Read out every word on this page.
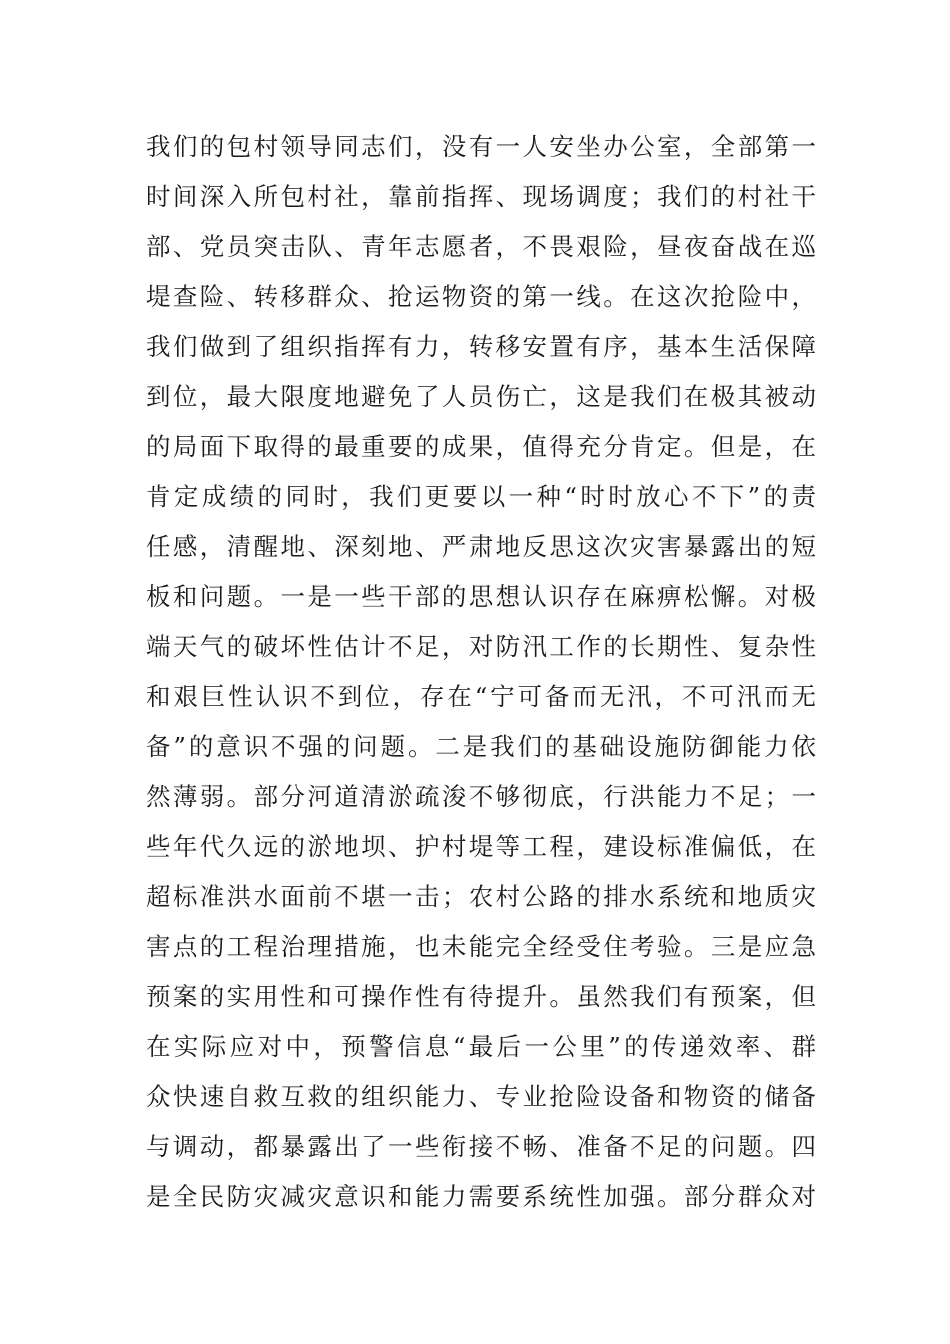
我们的包村领导同志们，没有一人安坐办公室，全部第一
时间深入所包村社，靠前指挥、现场调度；我们的村社干
部、党员突击队、青年志愿者，不畏艰险，昼夜奋战在巡
堤查险、转移群众、抢运物资的第一线。在这次抢险中，
我们做到了组织指挥有力，转移安置有序，基本生活保障
到位，最大限度地避免了人员伤亡，这是我们在极其被动
的局面下取得的最重要的成果，值得充分肯定。但是，在
肯定成绩的同时，我们更要以一种“时时放心不下”的责
任感，清醒地、深刻地、严肃地反思这次灾害暴露出的短
板和问题。一是一些干部的思想认识存在麻痹松懈。对极
端天气的破坏性估计不足，对防汛工作的长期性、复杂性
和艰巨性认识不到位，存在“宁可备而无汛，不可汛而无
备”的意识不强的问题。二是我们的基础设施防御能力依
然薄弱。部分河道清淤疏浚不够彻底，行洪能力不足；一
些年代久远的淤地坝、护村堤等工程，建设标准偏低，在
超标准洪水面前不堪一击；农村公路的排水系统和地质灾
害点的工程治理措施，也未能完全经受住考验。三是应急
预案的实用性和可操作性有待提升。虽然我们有预案，但
在实际应对中，预警信息“最后一公里”的传递效率、群
众快速自救互救的组织能力、专业抢险设备和物资的储备
与调动，都暴露出了一些衔接不畅、准备不足的问题。四
是全民防灾减灾意识和能力需要系统性加强。部分群众对
